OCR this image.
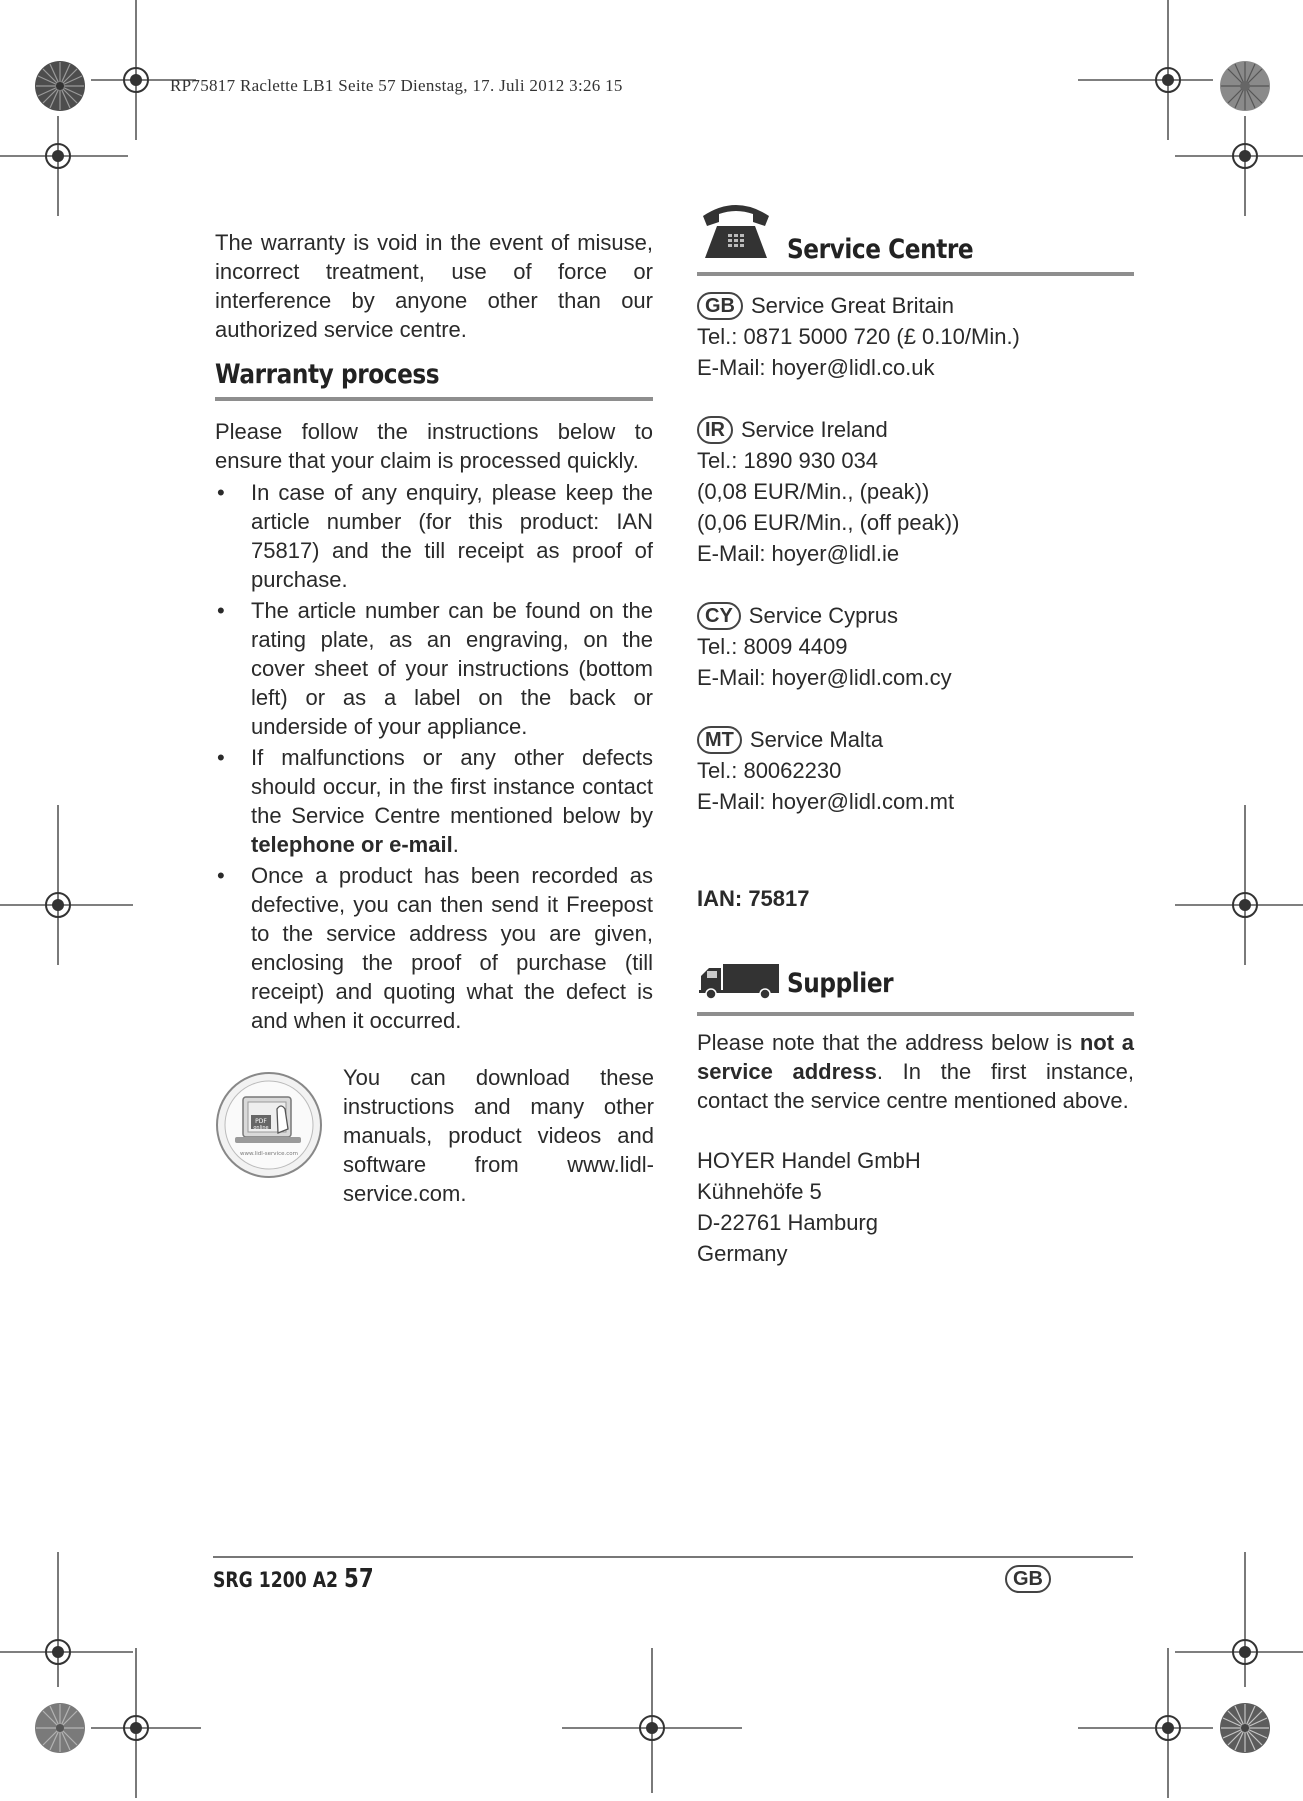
RP75817 Raclette LB1 Seite 57 Dienstag, 17. Juli 2012 3:26 15

The warranty is void in the event of misuse, incorrect treatment, use of force or interference by anyone other than our authorized service centre.

Warranty process

Please follow the instructions below to ensure that your claim is processed quickly.

•	In case of any enquiry, please keep the article number (for this product: IAN 75817) and the till receipt as proof of purchase.
•	The article number can be found on the rating plate, as an engraving, on the cover sheet of your instructions (bottom left) or as a label on the back or underside of your appliance.
•	If malfunctions or any other defects should occur, in the first instance contact the Service Centre mentioned below by telephone or e-mail.
•	Once a product has been recorded as defective, you can then send it Freepost to the service address you are given, enclosing the proof of purchase (till receipt) and quoting what the defect is and when it occurred.
PDF
online
www.lidl-service.com

You can download these instructions and many other manuals, product videos and software from www.lidl-service.com.

Service Centre
GB Service Great Britain
Tel.: 0871 5000 720 (£ 0.10/Min.)
E-Mail: hoyer@lidl.co.uk
IR Service Ireland
Tel.: 1890 930 034
(0,08 EUR/Min., (peak))
(0,06 EUR/Min., (off peak))
E-Mail: hoyer@lidl.ie
CY Service Cyprus
Tel.: 8009 4409
E-Mail: hoyer@lidl.com.cy
MT Service Malta
Tel.: 80062230
E-Mail: hoyer@lidl.com.mt
IAN: 75817
Supplier

Please note that the address below is not a service address. In the first instance, contact the service centre mentioned above.

HOYER Handel GmbH
Kühnehöfe 5
D-22761 Hamburg
Germany
SRG 1200 A2 57	GB
